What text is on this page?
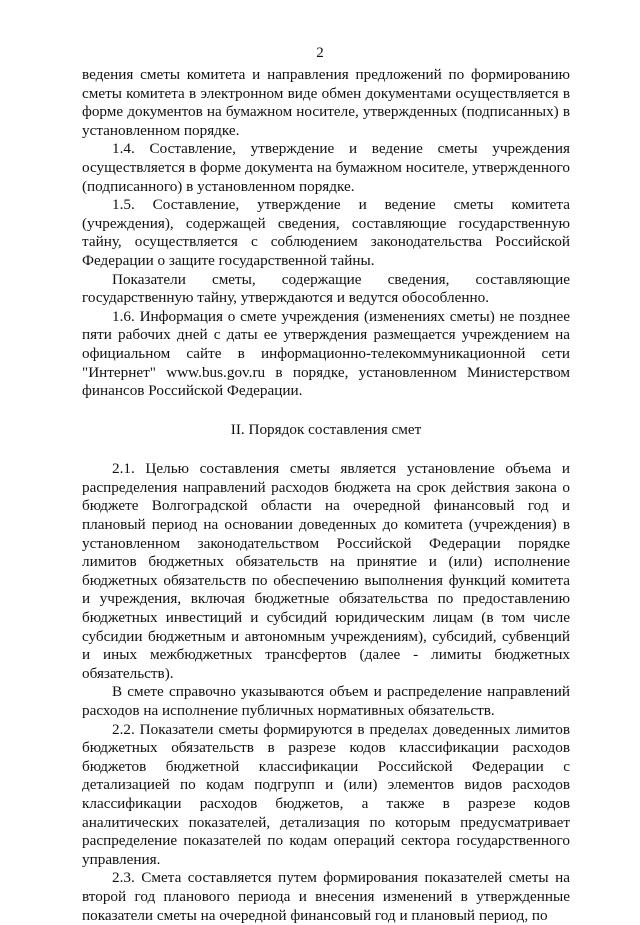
2

ведения сметы комитета и направления предложений по формированию сметы комитета в электронном виде обмен документами осуществляется в форме документов на бумажном носителе, утвержденных (подписанных) в установленном порядке.

1.4. Составление, утверждение и ведение сметы учреждения осуществляется в форме документа на бумажном носителе, утвержденного (подписанного) в установленном порядке.

1.5. Составление, утверждение и ведение сметы комитета (учреждения), содержащей сведения, составляющие государственную тайну, осуществляется с соблюдением законодательства Российской Федерации о защите государственной тайны.

Показатели сметы, содержащие сведения, составляющие государственную тайну, утверждаются и ведутся обособленно.

1.6. Информация о смете учреждения (изменениях сметы) не позднее пяти рабочих дней с даты ее утверждения размещается учреждением на официальном сайте в информационно-телекоммуникационной сети "Интернет" www.bus.gov.ru в порядке, установленном Министерством финансов Российской Федерации.

II. Порядок составления смет

2.1. Целью составления сметы является установление объема и распределения направлений расходов бюджета на срок действия закона о бюджете Волгоградской области на очередной финансовый год и плановый период на основании доведенных до комитета (учреждения) в установленном законодательством Российской Федерации порядке лимитов бюджетных обязательств на принятие и (или) исполнение бюджетных обязательств по обеспечению выполнения функций комитета и учреждения, включая бюджетные обязательства по предоставлению бюджетных инвестиций и субсидий юридическим лицам (в том числе субсидии бюджетным и автономным учреждениям), субсидий, субвенций и иных межбюджетных трансфертов (далее - лимиты бюджетных обязательств).

В смете справочно указываются объем и распределение направлений расходов на исполнение публичных нормативных обязательств.

2.2. Показатели сметы формируются в пределах доведенных лимитов бюджетных обязательств в разрезе кодов классификации расходов бюджетов бюджетной классификации Российской Федерации с детализацией по кодам подгрупп и (или) элементов видов расходов классификации расходов бюджетов, а также в разрезе кодов аналитических показателей, детализация по которым предусматривает распределение показателей по кодам операций сектора государственного управления.

2.3. Смета составляется путем формирования показателей сметы на второй год планового периода и внесения изменений в утвержденные показатели сметы на очередной финансовый год и плановый период, по
